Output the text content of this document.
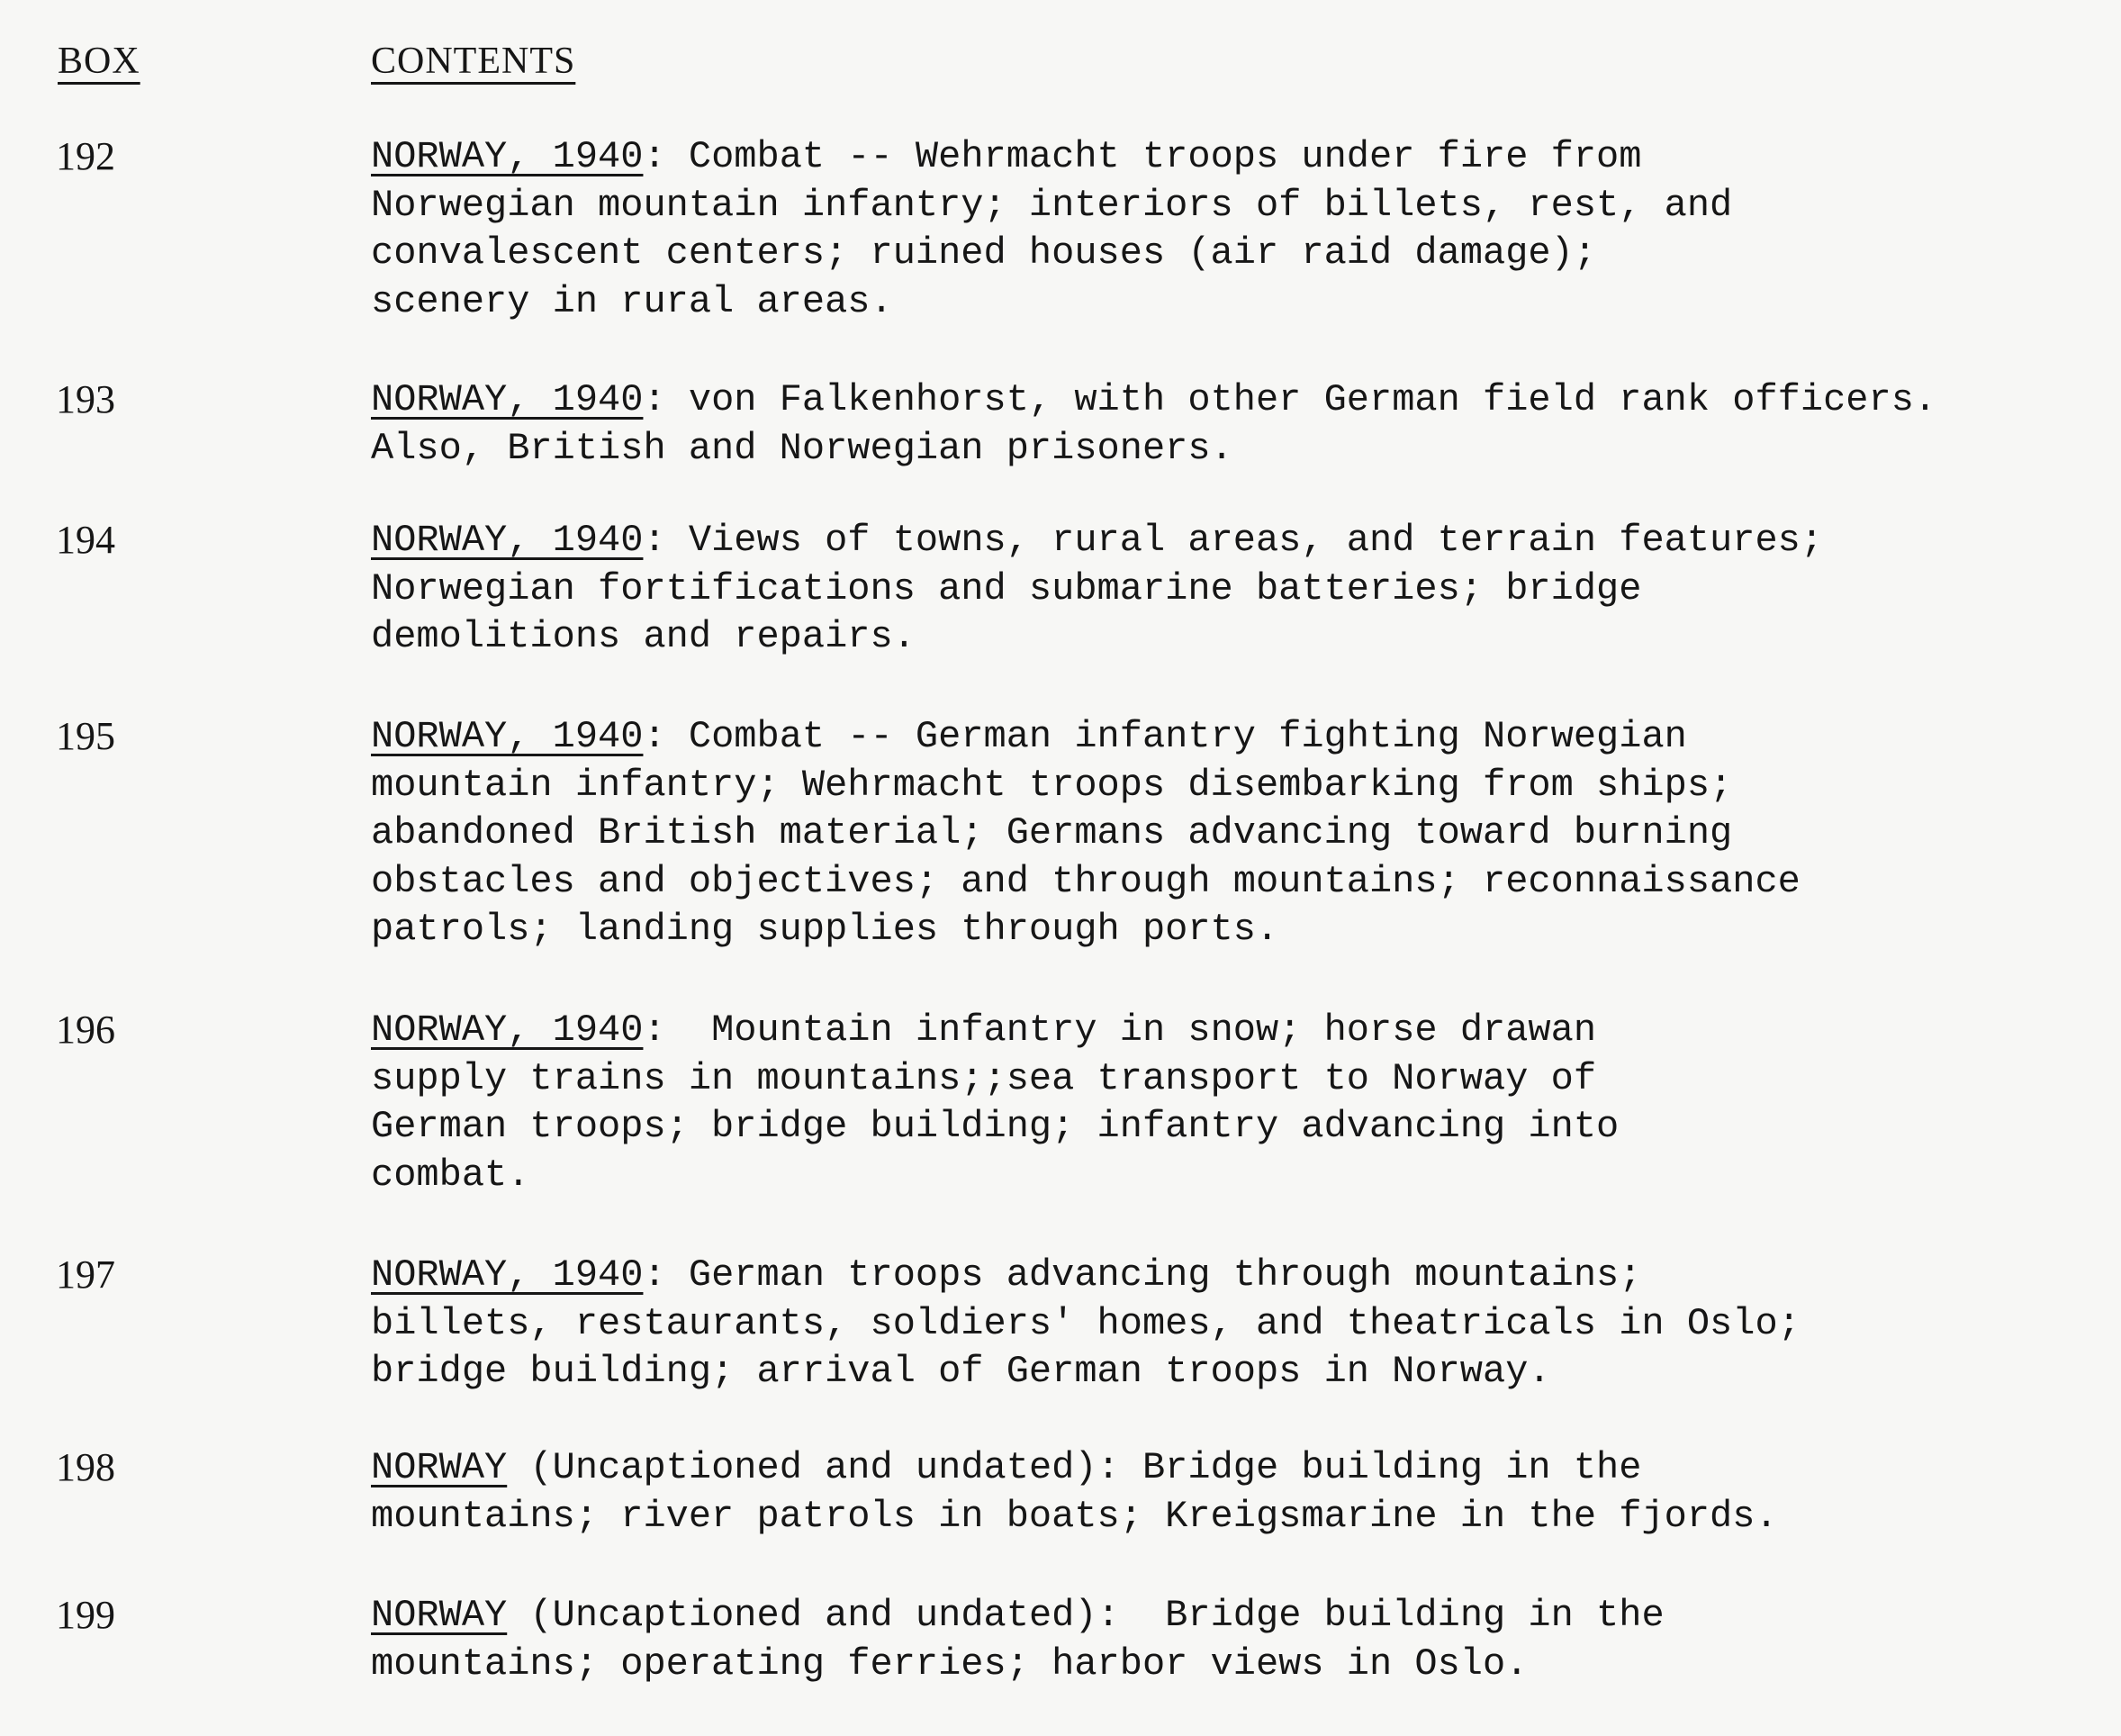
BOX	CONTENTS
192	NORWAY, 1940: Combat -- Wehrmacht troops under fire from
Norwegian mountain infantry; interiors of billets, rest, and
convalescent centers; ruined houses (air raid damage);
scenery in rural areas.
193	NORWAY, 1940: von Falkenhorst, with other German field rank officers.
Also, British and Norwegian prisoners.
194	NORWAY, 1940: Views of towns, rural areas, and terrain features;
Norwegian fortifications and submarine batteries; bridge
demolitions and repairs.
195	NORWAY, 1940: Combat -- German infantry fighting Norwegian
mountain infantry; Wehrmacht troops disembarking from ships;
abandoned British material; Germans advancing toward burning
obstacles and objectives; and through mountains; reconnaissance
patrols; landing supplies through ports.
196	NORWAY, 1940:  Mountain infantry in snow; horse drawan
supply trains in mountains;;sea transport to Norway of
German troops; bridge building; infantry advancing into
combat.
197	NORWAY, 1940: German troops advancing through mountains;
billets, restaurants, soldiers' homes, and theatricals in Oslo;
bridge building; arrival of German troops in Norway.
198	NORWAY (Uncaptioned and undated): Bridge building in the
mountains; river patrols in boats; Kreigsmarine in the fjords.
199	NORWAY (Uncaptioned and undated):  Bridge building in the
mountains; operating ferries; harbor views in Oslo.
